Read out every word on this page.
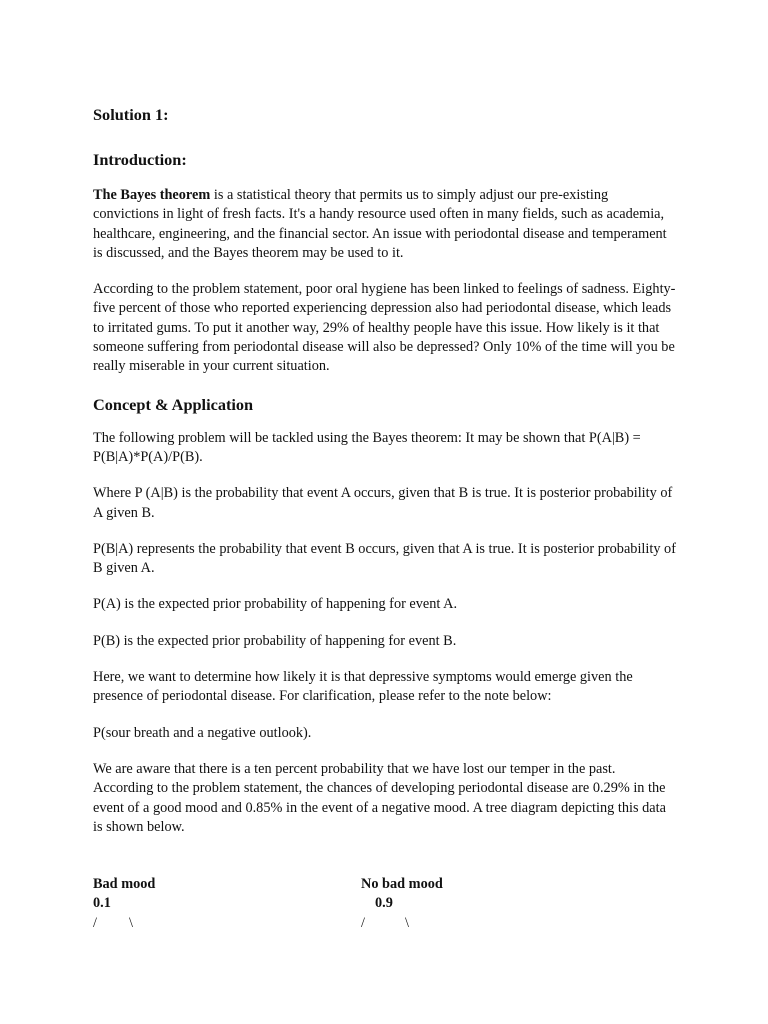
Solution 1:
Introduction:

The Bayes theorem is a statistical theory that permits us to simply adjust our pre-existing convictions in light of fresh facts. It's a handy resource used often in many fields, such as academia, healthcare, engineering, and the financial sector. An issue with periodontal disease and temperament is discussed, and the Bayes theorem may be used to it.

According to the problem statement, poor oral hygiene has been linked to feelings of sadness. Eighty-five percent of those who reported experiencing depression also had periodontal disease, which leads to irritated gums. To put it another way, 29% of healthy people have this issue. How likely is it that someone suffering from periodontal disease will also be depressed? Only 10% of the time will you be really miserable in your current situation.

Concept & Application

The following problem will be tackled using the Bayes theorem: It may be shown that P(A|B) = P(B|A)*P(A)/P(B).

Where P (A|B) is the probability that event A occurs, given that B is true. It is posterior probability of A given B.

P(B|A) represents the probability that event B occurs, given that A is true. It is posterior probability of B given A.

P(A) is the expected prior probability of happening for event A.

P(B) is the expected prior probability of happening for event B.

Here, we want to determine how likely it is that depressive symptoms would emerge given the presence of periodontal disease. For clarification, please refer to the note below:

P(sour breath and a negative outlook).

We are aware that there is a ten percent probability that we have lost our temper in the past. According to the problem statement, the chances of developing periodontal disease are 0.29% in the event of a good mood and 0.85% in the event of a negative mood. A tree diagram depicting this data is shown below.

Bad mood
0.1
/ \
No bad mood
0.9
/	\
